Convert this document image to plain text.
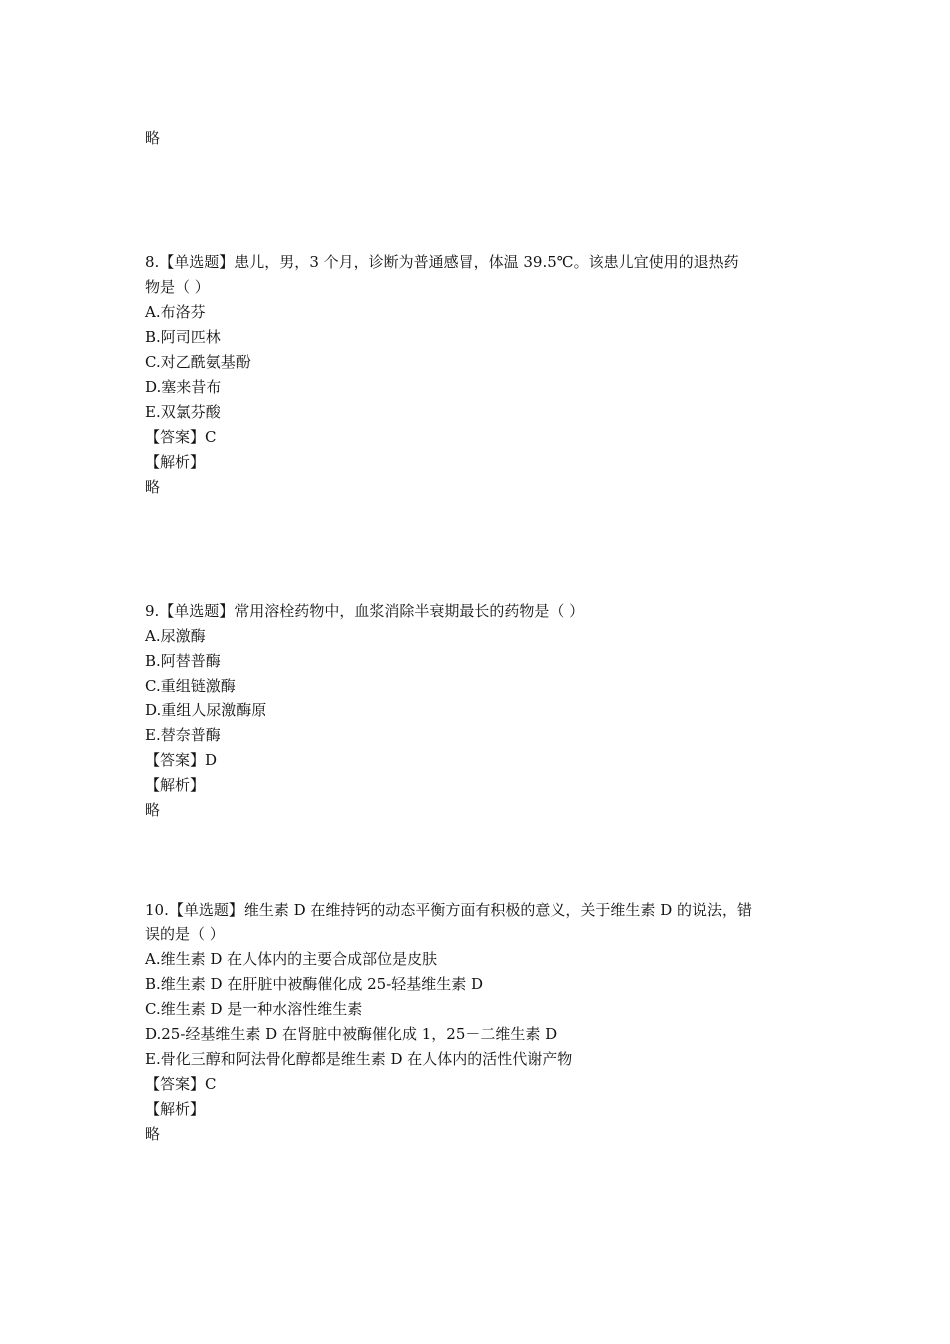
略
8.【单选题】患儿，男，3 个月，诊断为普通感冒，体温 39.5℃。该患儿宜使用的退热药
物是（ ）
A.布洛芬
B.阿司匹林
C.对乙酰氨基酚
D.塞来昔布
E.双氯芬酸
【答案】C
【解析】
略
9.【单选题】常用溶栓药物中，血浆消除半衰期最长的药物是（ ）
A.尿激酶
B.阿替普酶
C.重组链激酶
D.重组人尿激酶原
E.替奈普酶
【答案】D
【解析】
略
10.【单选题】维生素 D 在维持钙的动态平衡方面有积极的意义，关于维生素 D 的说法，错
误的是（ ）
A.维生素 D 在人体内的主要合成部位是皮肤
B.维生素 D 在肝脏中被酶催化成 25-轻基维生素 D
C.维生素 D 是一种水溶性维生素
D.25-经基维生素 D 在肾脏中被酶催化成 1，25－二维生素 D
E.骨化三醇和阿法骨化醇都是维生素 D 在人体内的活性代谢产物
【答案】C
【解析】
略
